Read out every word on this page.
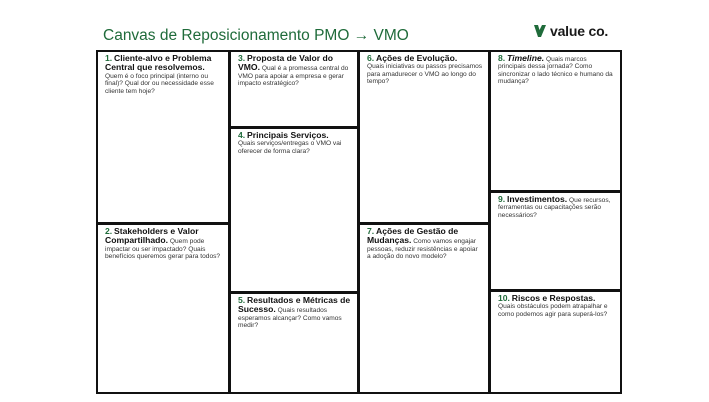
Canvas de Reposicionamento PMO → VMO	value co.
1. Cliente-alvo e Problema Central que resolvemos. Quem é o foco principal (interno ou final)? Qual dor ou necessidade esse cliente tem hoje?
2. Stakeholders e Valor Compartilhado. Quem pode impactar ou ser impactado? Quais benefícios queremos gerar para todos?
3. Proposta de Valor do VMO. Qual é a promessa central do VMO para apoiar a empresa e gerar impacto estratégico?
4. Principais Serviços.
Quais serviços/entregas o VMO vai oferecer de forma clara?
5. Resultados e Métricas de Sucesso. Quais resultados esperamos alcançar? Como vamos medir?
6. Ações de Evolução.
Quais iniciativas ou passos precisamos para amadurecer o VMO ao longo do tempo?
7. Ações de Gestão de Mudanças. Como vamos engajar pessoas, reduzir resistências e apoiar a adoção do novo modelo?
8. Timeline. Quais marcos principais dessa jornada? Como sincronizar o lado técnico e humano da mudança?
9. Investimentos. Que recursos, ferramentas ou capacitações serão necessários?
10. Riscos e Respostas.
Quais obstáculos podem atrapalhar e como podemos agir para superá-los?
